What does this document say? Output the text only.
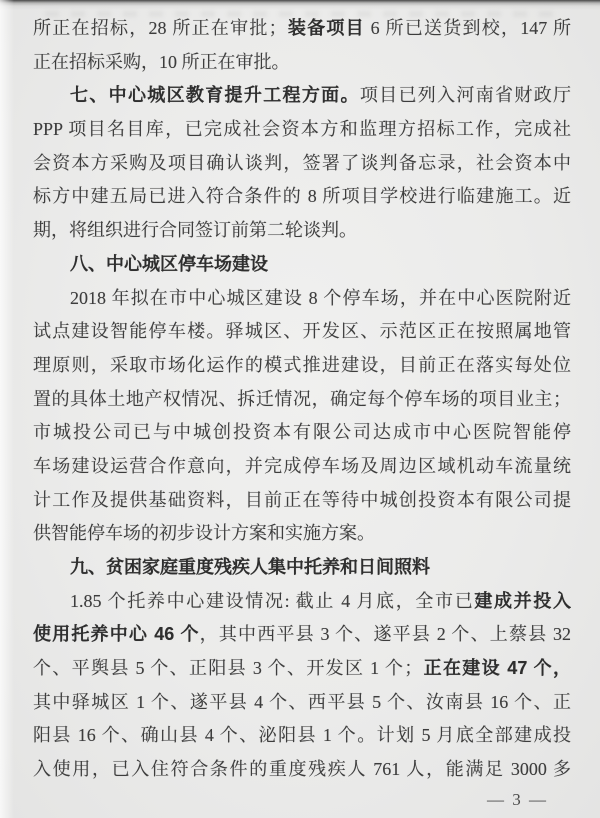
所正在招标，28 所正在审批；装备项目 6 所已送货到校，147 所
正在招标采购，10 所正在审批。
七、中心城区教育提升工程方面。项目已列入河南省财政厅
PPP 项目名目库，已完成社会资本方和监理方招标工作，完成社
会资本方采购及项目确认谈判，签署了谈判备忘录，社会资本中
标方中建五局已进入符合条件的 8 所项目学校进行临建施工。近
期，将组织进行合同签订前第二轮谈判。
八、中心城区停车场建设
2018 年拟在市中心城区建设 8 个停车场，并在中心医院附近
试点建设智能停车楼。驿城区、开发区、示范区正在按照属地管
理原则，采取市场化运作的模式推进建设，目前正在落实每处位
置的具体土地产权情况、拆迁情况，确定每个停车场的项目业主；
市城投公司已与中城创投资本有限公司达成市中心医院智能停
车场建设运营合作意向，并完成停车场及周边区域机动车流量统
计工作及提供基础资料，目前正在等待中城创投资本有限公司提
供智能停车场的初步设计方案和实施方案。
九、贫困家庭重度残疾人集中托养和日间照料
1.85 个托养中心建设情况: 截止 4 月底，全市已建成并投入
使用托养中心 46 个，其中西平县 3 个、遂平县 2 个、上蔡县 32
个、平舆县 5 个、正阳县 3 个、开发区 1 个；正在建设 47 个，
其中驿城区 1 个、遂平县 4 个、西平县 5 个、汝南县 16 个、正
阳县 16 个、确山县 4 个、泌阳县 1 个。计划 5 月底全部建成投
入使用，已入住符合条件的重度残疾人 761 人，能满足 3000 多
— 3 —
